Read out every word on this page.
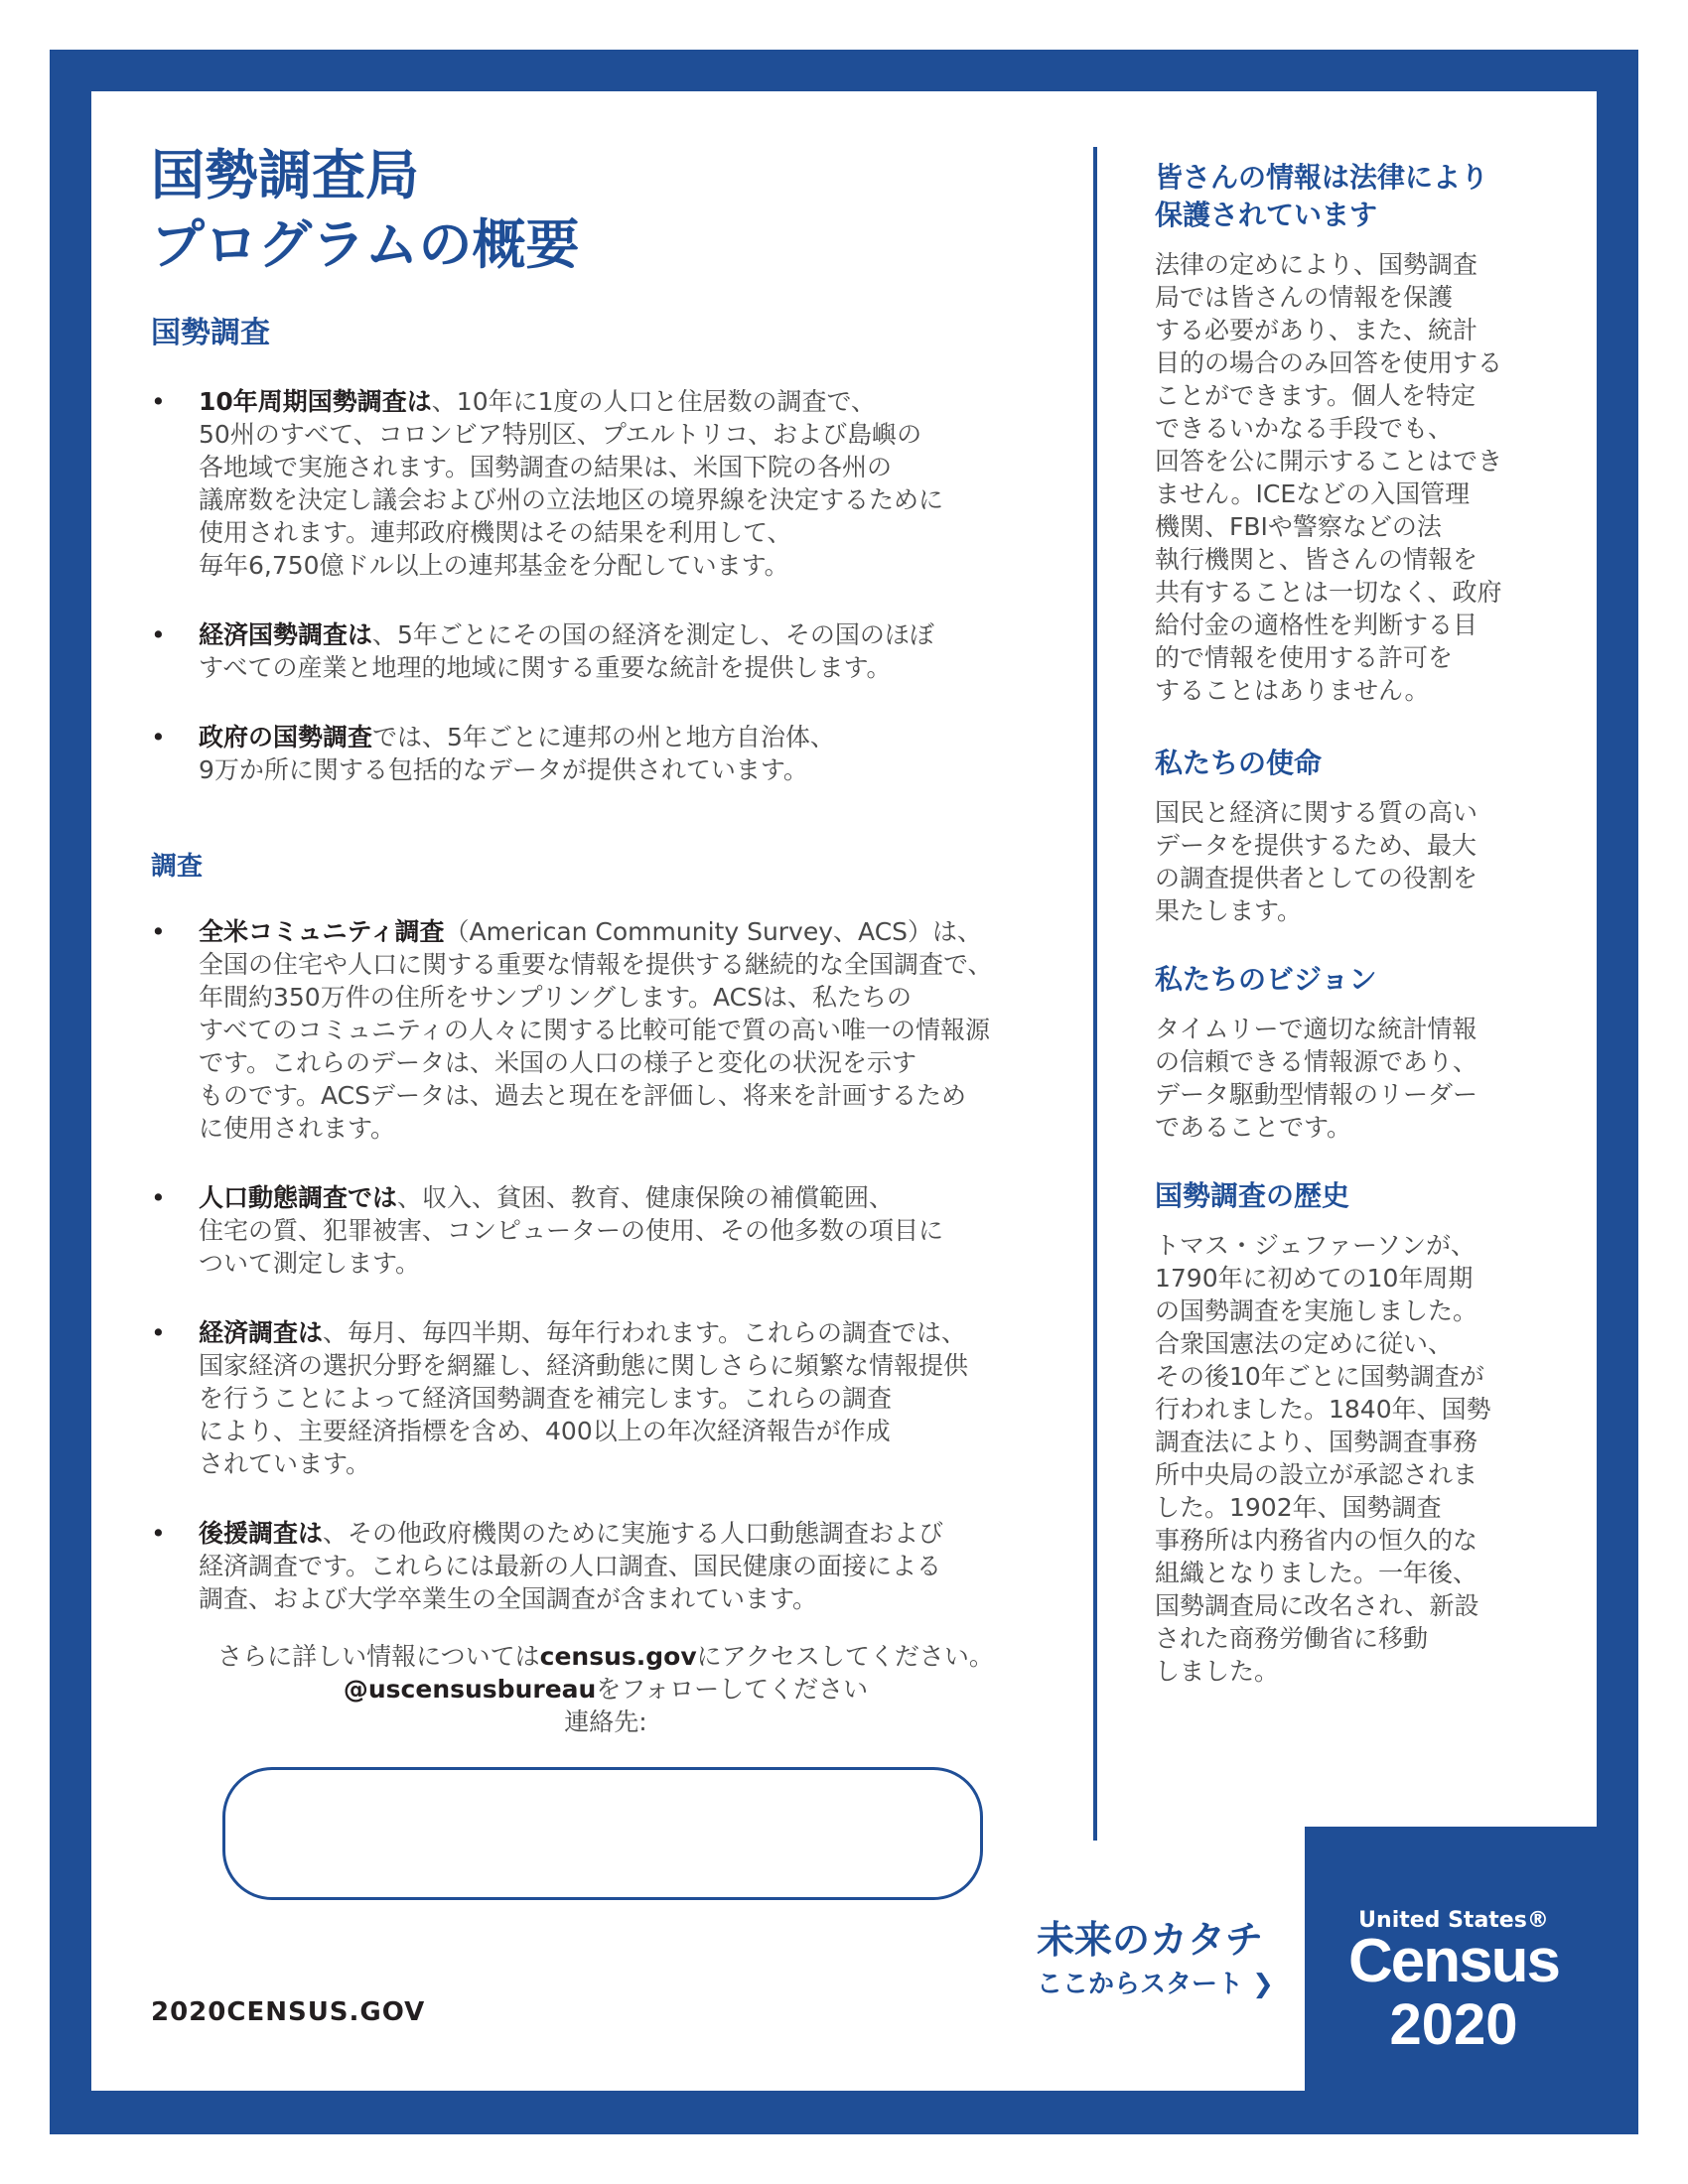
国勢調査局
プログラムの概要
国勢調査
• 10年周期国勢調査は、10年に1度の人口と住居数の調査で、
50州のすべて、コロンビア特別区、プエルトリコ、および島嶼の
各地域で実施されます。国勢調査の結果は、米国下院の各州の
議席数を決定し議会および州の立法地区の境界線を決定するために
使用されます。連邦政府機関はその結果を利用して、
毎年6,750億ドル以上の連邦基金を分配しています。
• 経済国勢調査は、5年ごとにその国の経済を測定し、その国のほぼ
すべての産業と地理的地域に関する重要な統計を提供します。
• 政府の国勢調査では、5年ごとに連邦の州と地方自治体、
9万か所に関する包括的なデータが提供されています。
調査
• 全米コミュニティ調査（American Community Survey、ACS）は、
全国の住宅や人口に関する重要な情報を提供する継続的な全国調査で、
年間約350万件の住所をサンプリングします。ACSは、私たちの
すべてのコミュニティの人々に関する比較可能で質の高い唯一の情報源
です。これらのデータは、米国の人口の様子と変化の状況を示す
ものです。ACSデータは、過去と現在を評価し、将来を計画するため
に使用されます。
• 人口動態調査では、収入、貧困、教育、健康保険の補償範囲、
住宅の質、犯罪被害、コンピューターの使用、その他多数の項目に
ついて測定します。
• 経済調査は、毎月、毎四半期、毎年行われます。これらの調査では、
国家経済の選択分野を網羅し、経済動態に関しさらに頻繁な情報提供
を行うことによって経済国勢調査を補完します。これらの調査
により、主要経済指標を含め、400以上の年次経済報告が作成
されています。
• 後援調査は、その他政府機関のために実施する人口動態調査および
経済調査です。これらには最新の人口調査、国民健康の面接による
調査、および大学卒業生の全国調査が含まれています。
さらに詳しい情報についてはcensus.govにアクセスしてください。
@uscensusbureauをフォローしてください
連絡先:
皆さんの情報は法律により
保護されています

法律の定めにより、国勢調査
局では皆さんの情報を保護
する必要があり、また、統計
目的の場合のみ回答を使用する
ことができます。個人を特定
できるいかなる手段でも、
回答を公に開示することはでき
ません。ICEなどの入国管理
機関、FBIや警察などの法
執行機関と、皆さんの情報を
共有することは一切なく、政府
給付金の適格性を判断する目
的で情報を使用する許可を
することはありません。

私たちの使命

国民と経済に関する質の高い
データを提供するため、最大
の調査提供者としての役割を
果たします。

私たちのビジョン

タイムリーで適切な統計情報
の信頼できる情報源であり、
データ駆動型情報のリーダー
であることです。

国勢調査の歴史

トマス・ジェファーソンが、
1790年に初めての10年周期
の国勢調査を実施しました。
合衆国憲法の定めに従い、
その後10年ごとに国勢調査が
行われました。1840年、国勢
調査法により、国勢調査事務
所中央局の設立が承認されま
した。1902年、国勢調査
事務所は内務省内の恒久的な
組織となりました。一年後、
国勢調査局に改名され、新設
された商務労働省に移動
しました。

2020CENSUS.GOV
未来のカタチ
ここからスタート ❯
United States®
Census
2020
